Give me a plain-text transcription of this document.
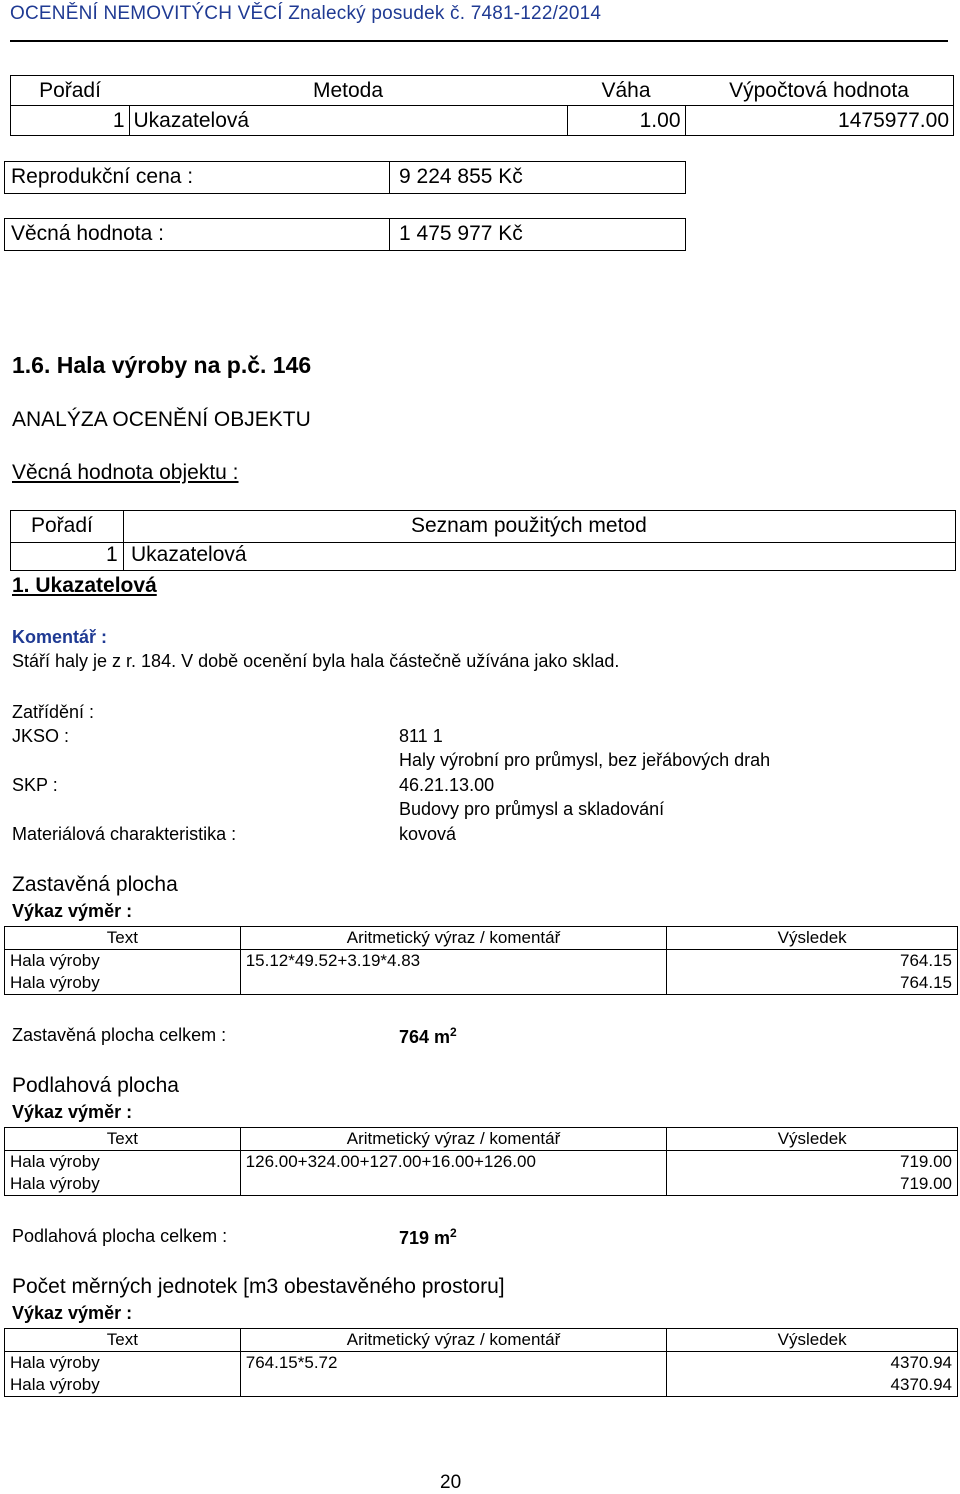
OCENĚNÍ NEMOVITÝCH VĚCÍ Znalecký posudek č. 7481-122/2014
Pořadí	Metoda	Váha	Výpočtová hodnota
1	Ukazatelová	1.00	1475977.00
Reprodukční cena :	9 224 855 Kč
Věcná hodnota :	1 475 977 Kč
1.6. Hala výroby na p.č. 146
ANALÝZA OCENĚNÍ OBJEKTU
Věcná hodnota objektu :
Pořadí	Seznam použitých metod
1 Ukazatelová
1. Ukazatelová
Komentář :
Stáří haly je z r. 184. V době ocenění byla hala částečně užívána jako sklad.
Zatřídění :
JKSO :	811 1
Haly výrobní pro průmysl, bez jeřábových drah
SKP :	46.21.13.00
Budovy pro průmysl a skladování
Materiálová charakteristika :	kovová
Zastavěná plocha
Výkaz výměr :
Text	Aritmetický výraz / komentář	Výsledek
Hala výroby	15.12*49.52+3.19*4.83	764.15
Hala výroby		764.15
Zastavěná plocha celkem :	764 $m^2$
Podlahová plocha
Výkaz výměr :
Text	Aritmetický výraz / komentář	Výsledek
Hala výroby	126.00+324.00+127.00+16.00+126.00	719.00
Hala výroby		719.00
Podlahová plocha celkem :	719 $m^2$
Počet měrných jednotek [m3 obestavěného prostoru]
Výkaz výměr :
Text	Aritmetický výraz / komentář	Výsledek
Hala výroby	764.15*5.72	4370.94
Hala výroby		4370.94
20
